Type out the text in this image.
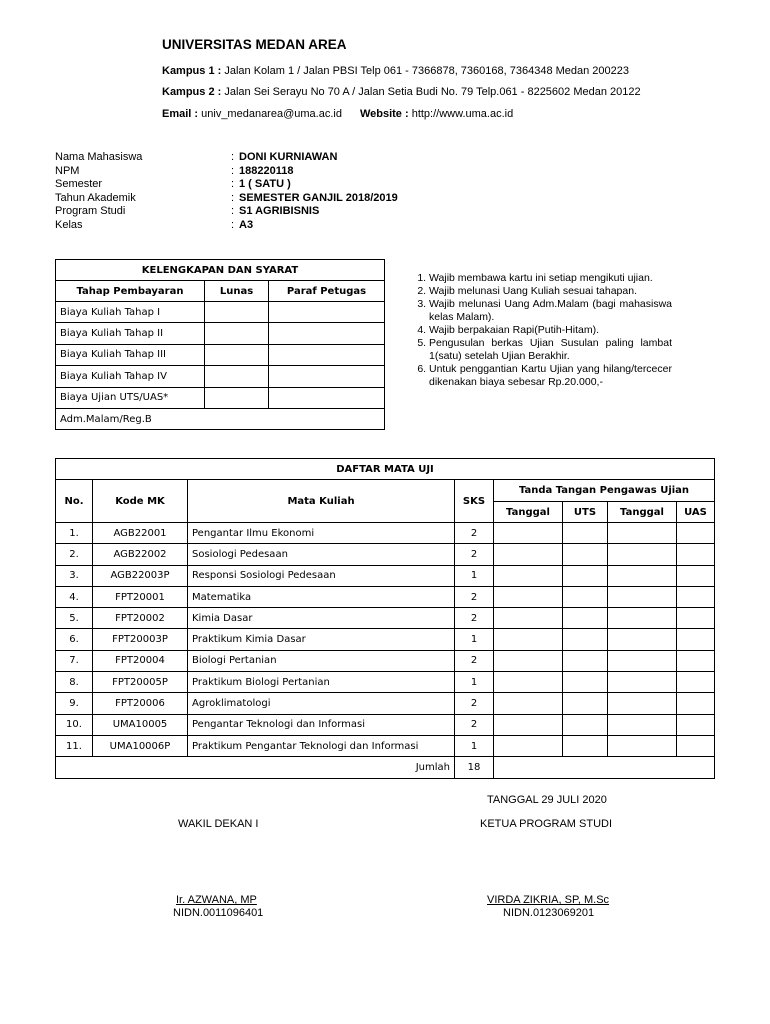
UNIVERSITAS MEDAN AREA
Kampus 1 : Jalan Kolam 1 / Jalan PBSI Telp 061 - 7366878, 7360168, 7364348 Medan 200223
Kampus 2 : Jalan Sei Serayu No 70 A / Jalan Setia Budi No. 79 Telp.061 - 8225602 Medan 20122
Email : univ_medanarea@uma.ac.id Website : http://www.uma.ac.id
Nama Mahasiswa	:	DONI KURNIAWAN
NPM	:	188220118
Semester	:	1 ( SATU )
Tahun Akademik	:	SEMESTER GANJIL 2018/2019
Program Studi	:	S1 AGRIBISNIS
Kelas	:	A3
KELENGKAPAN DAN SYARAT		
Tahap Pembayaran	Lunas	Paraf Petugas
Biaya Kuliah Tahap I		
Biaya Kuliah Tahap II		
Biaya Kuliah Tahap III		
Biaya Kuliah Tahap IV		
Biaya Ujian UTS/UAS*		
Adm.Malam/Reg.B		
1. Wajib membawa kartu ini setiap mengikuti ujian.
2. Wajib melunasi Uang Kuliah sesuai tahapan.
3. Wajib melunasi Uang Adm.Malam (bagi mahasiswa kelas Malam).
4. Wajib berpakaian Rapi(Putih-Hitam).
5. Pengusulan berkas Ujian Susulan paling lambat 1(satu) setelah Ujian Berakhir.
6. Untuk penggantian Kartu Ujian yang hilang/tercecer dikenakan biaya sebesar Rp.20.000,-
DAFTAR MATA UJI							
No.	Kode MK	Mata Kuliah	SKS	Tanda Tangan Pengawas Ujian			
				Tanggal	UTS	Tanggal	UAS
1.	AGB22001	Pengantar Ilmu Ekonomi	2				
2.	AGB22002	Sosiologi Pedesaan	2				
3.	AGB22003P	Responsi Sosiologi Pedesaan	1				
4.	FPT20001	Matematika	2				
5.	FPT20002	Kimia Dasar	2				
6.	FPT20003P	Praktikum Kimia Dasar	1				
7.	FPT20004	Biologi Pertanian	2				
8.	FPT20005P	Praktikum Biologi Pertanian	1				
9.	FPT20006	Agroklimatologi	2				
10.	UMA10005	Pengantar Teknologi dan Informasi	2				
11.	UMA10006P	Praktikum Pengantar Teknologi dan Informasi	1				
Jumlah			18				
TANGGAL 29 JULI 2020
WAKIL DEKAN I	KETUA PROGRAM STUDI
Ir. AZWANA, MP
NIDN.0011096401
VIRDA ZIKRIA, SP, M.Sc
NIDN.0123069201
